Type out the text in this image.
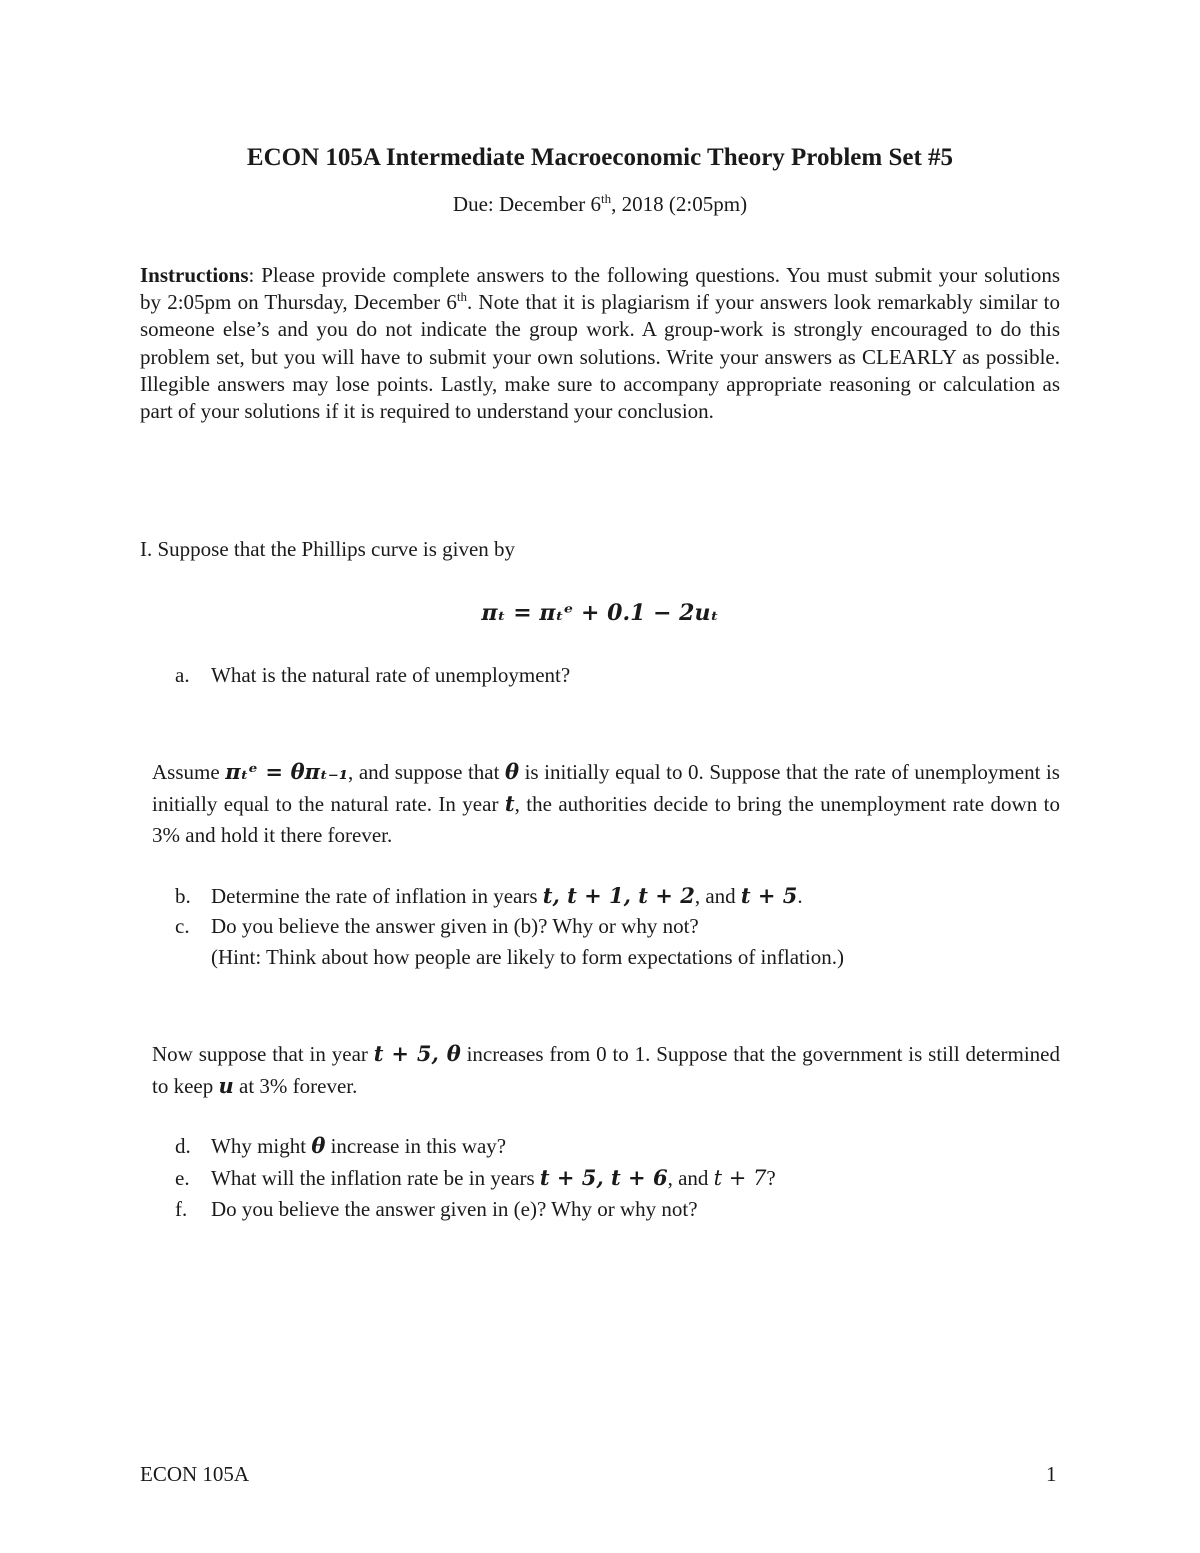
ECON 105A Intermediate Macroeconomic Theory Problem Set #5
Due: December 6th, 2018 (2:05pm)
Instructions: Please provide complete answers to the following questions. You must submit your solutions by 2:05pm on Thursday, December 6th. Note that it is plagiarism if your answers look remarkably similar to someone else’s and you do not indicate the group work. A group-work is strongly encouraged to do this problem set, but you will have to submit your own solutions. Write your answers as CLEARLY as possible. Illegible answers may lose points. Lastly, make sure to accompany appropriate reasoning or calculation as part of your solutions if it is required to understand your conclusion.
I. Suppose that the Phillips curve is given by
πₜ = πₜᵉ + 0.1 − 2uₜ
a. What is the natural rate of unemployment?
Assume πₜᵉ = θπₜ₋₁, and suppose that θ is initially equal to 0. Suppose that the rate of unemployment is initially equal to the natural rate. In year t, the authorities decide to bring the unemployment rate down to 3% and hold it there forever.
b. Determine the rate of inflation in years t, t + 1, t + 2, and t + 5.
c. Do you believe the answer given in (b)? Why or why not?
(Hint: Think about how people are likely to form expectations of inflation.)
Now suppose that in year t + 5, θ increases from 0 to 1. Suppose that the government is still determined to keep u at 3% forever.
d. Why might θ increase in this way?
e. What will the inflation rate be in years t + 5, t + 6, and t + 7?
f. Do you believe the answer given in (e)? Why or why not?
ECON 105A	1
